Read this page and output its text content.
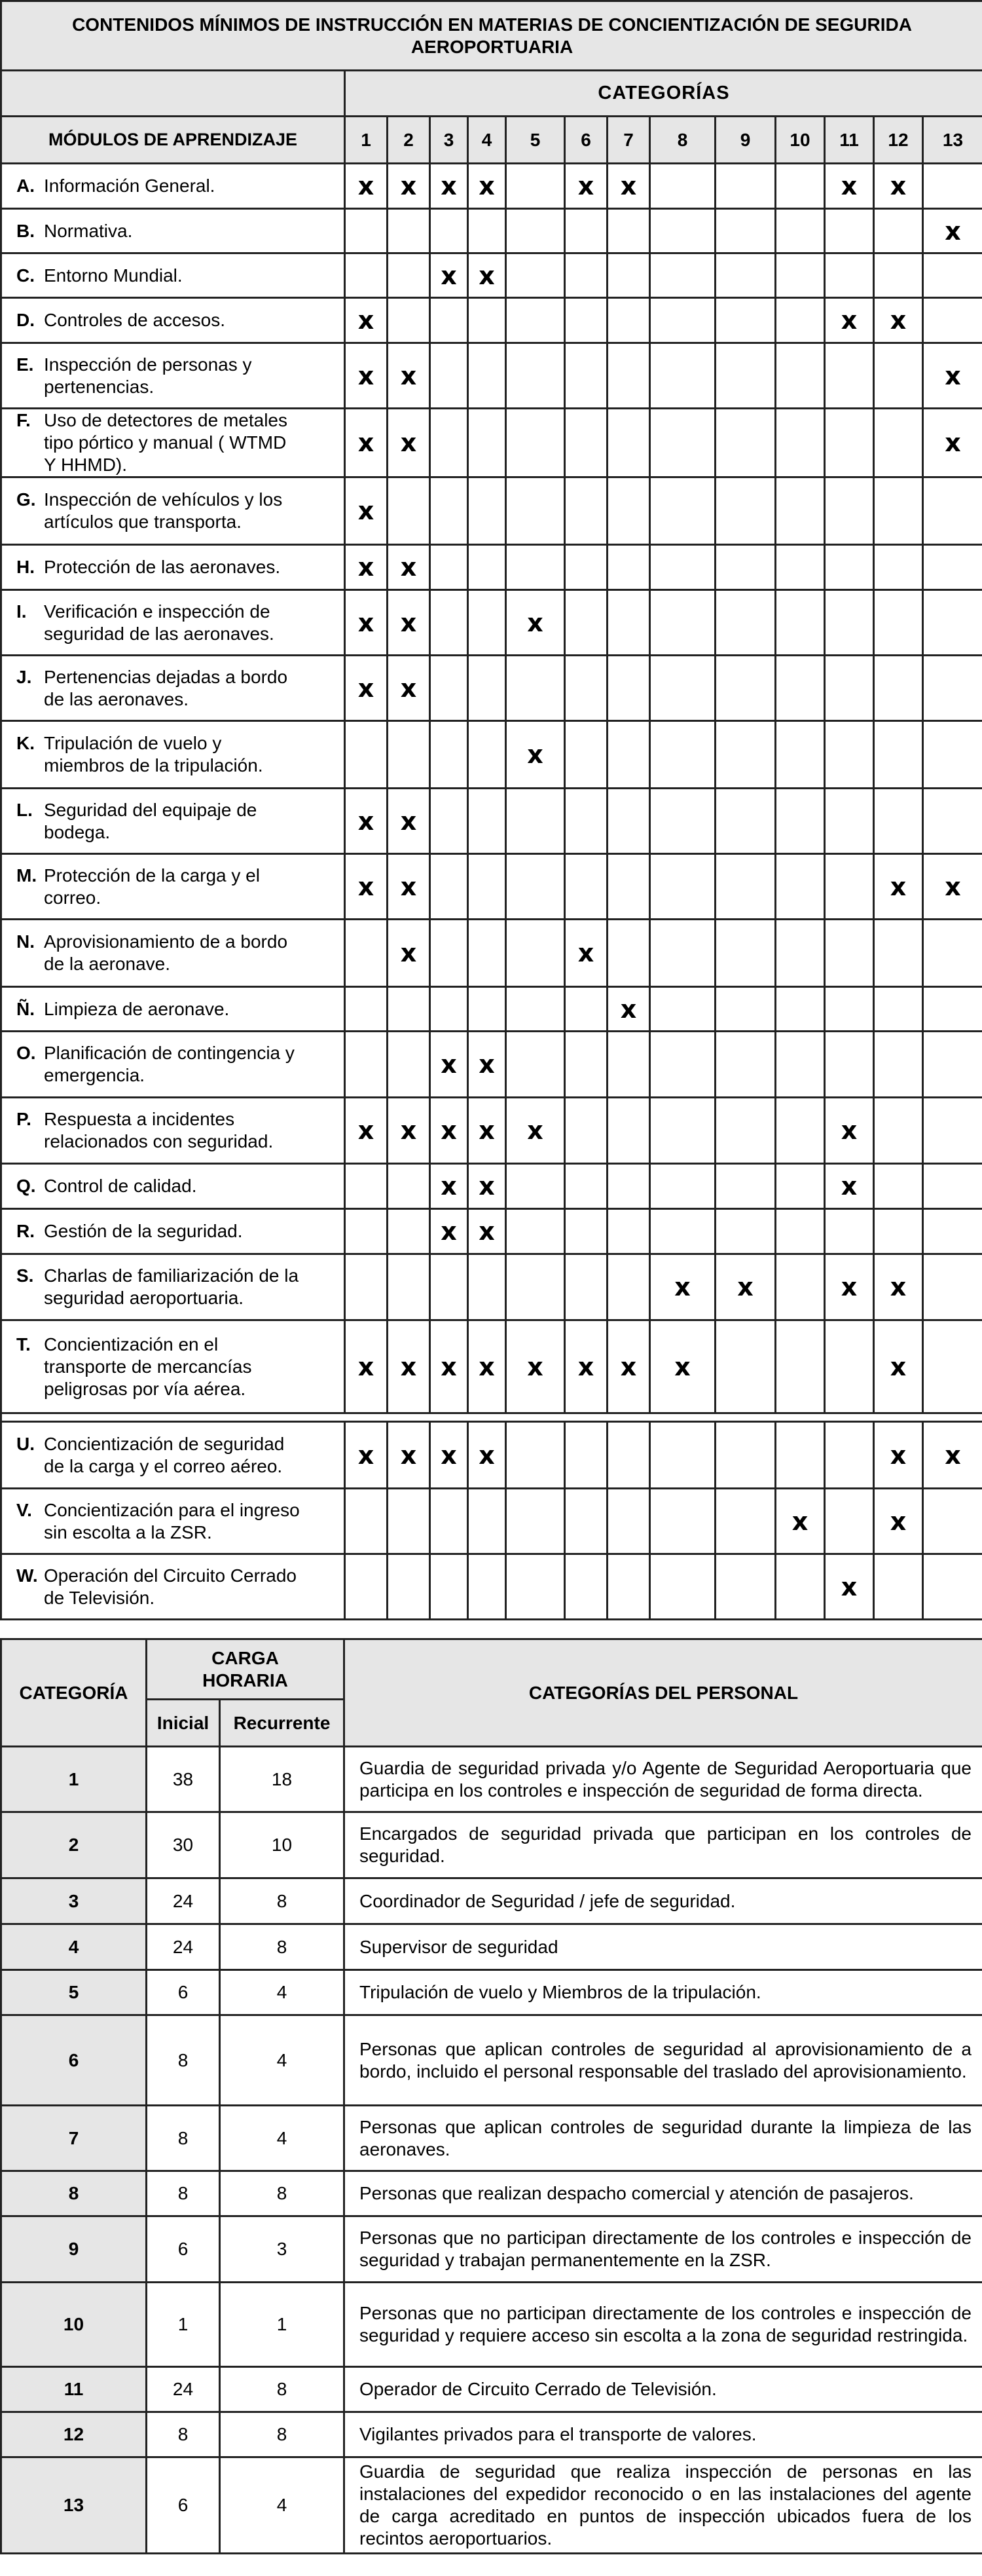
CONTENIDOS MÍNIMOS DE INSTRUCCIÓN EN MATERIAS DE CONCIENTIZACIÓN DE SEGURIDA AEROPORTUARIA													
	CATEGORÍAS												
MÓDULOS DE APRENDIZAJE	1	2	3	4	5	6	7	8	9	10	11	12	13
A. Información General.	x	x	x	x		x	x				x	x	
B. Normativa.													x
C. Entorno Mundial.			x	x									
D. Controles de accesos.	x										x	x	
E. Inspección de personas y pertenencias.	x	x											x
F. Uso de detectores de metales tipo pórtico y manual ( WTMD Y HHMD).	x	x											x
G. Inspección de vehículos y los artículos que transporta.	x												
H. Protección de las aeronaves.	x	x											
I. Verificación e inspección de seguridad de las aeronaves.	x	x			x								
J. Pertenencias dejadas a bordo de las aeronaves.	x	x											
K. Tripulación de vuelo y miembros de la tripulación.					x								
L. Seguridad del equipaje de bodega.	x	x											
M. Protección de la carga y el correo.	x	x										x	x
N. Aprovisionamiento de a bordo de la aeronave.		x				x							
Ñ. Limpieza de aeronave.							x						
O. Planificación de contingencia y emergencia.			x	x									
P. Respuesta a incidentes relacionados con seguridad.	x	x	x	x	x						x		
Q. Control de calidad.			x	x							x		
R. Gestión de la seguridad.			x	x									
S. Charlas de familiarización de la seguridad aeroportuaria.								x	x		x	x	
T. Concientización en el transporte de mercancías peligrosas por vía aérea.	x	x	x	x	x	x	x	x				x	

U. Concientización de seguridad de la carga y el correo aéreo.	x	x	x	x								x	x
V. Concientización para el ingreso sin escolta a la ZSR.										x		x	
W. Operación del Circuito Cerrado de Televisión.											x		
CATEGORÍA	CARGA HORARIA		CATEGORÍAS DEL PERSONAL
	Inicial	Recurrente	
1	38	18	Guardia de seguridad privada y/o Agente de Seguridad Aeroportuaria que participa en los controles e inspección de seguridad de forma directa.
2	30	10	Encargados de seguridad privada que participan en los controles de seguridad.
3	24	8	Coordinador de Seguridad / jefe de seguridad.
4	24	8	Supervisor de seguridad
5	6	4	Tripulación de vuelo y Miembros de la tripulación.
6	8	4	Personas que aplican controles de seguridad al aprovisionamiento de a bordo, incluido el personal responsable del traslado del aprovisionamiento.
7	8	4	Personas que aplican controles de seguridad durante la limpieza de las aeronaves.
8	8	8	Personas que realizan despacho comercial y atención de pasajeros.
9	6	3	Personas que no participan directamente de los controles e inspección de seguridad y trabajan permanentemente en la ZSR.
10	1	1	Personas que no participan directamente de los controles e inspección de seguridad y requiere acceso sin escolta a la zona de seguridad restringida.
11	24	8	Operador de Circuito Cerrado de Televisión.
12	8	8	Vigilantes privados para el transporte de valores.
13	6	4	Guardia de seguridad que realiza inspección de personas en las instalaciones del expedidor reconocido o en las instalaciones del agente de carga acreditado en puntos de inspección ubicados fuera de los recintos aeroportuarios.
